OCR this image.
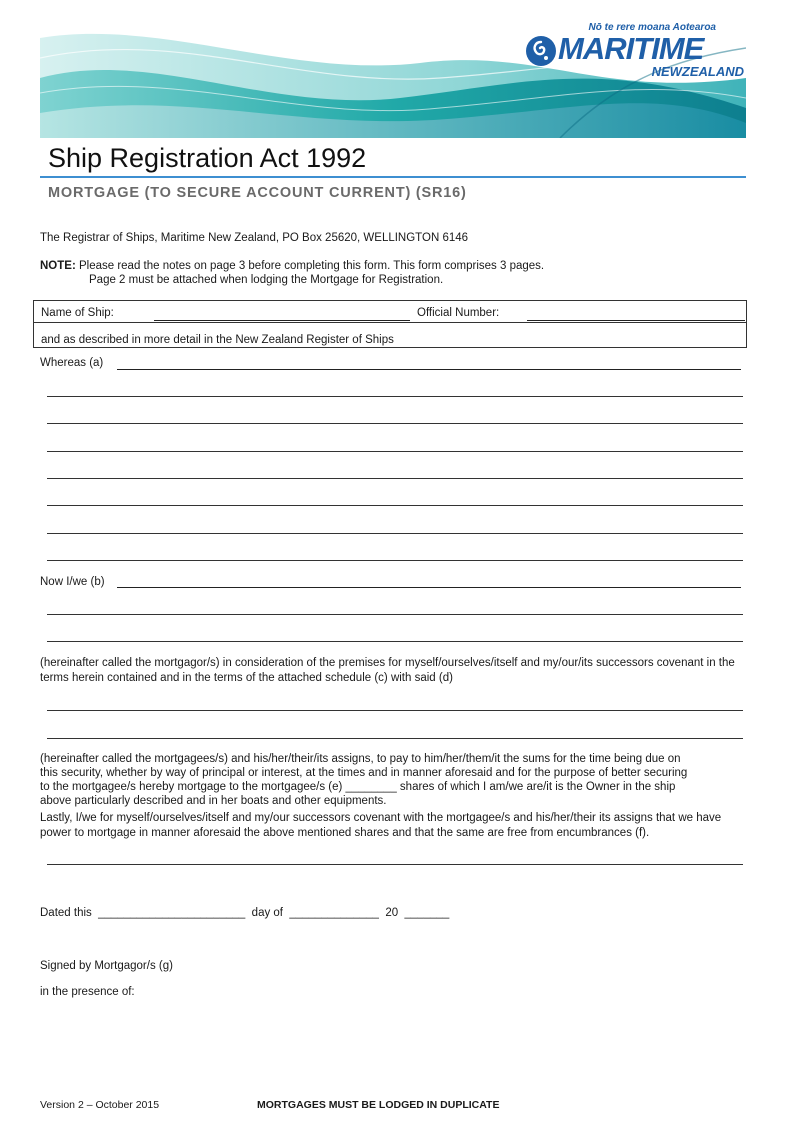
Nō te rere moana Aotearoa
MARITIME
NEWZEALAND
Ship Registration Act 1992
MORTGAGE (TO SECURE ACCOUNT CURRENT) (SR16)
The Registrar of Ships, Maritime New Zealand, PO Box 25620, WELLINGTON 6146
NOTE: Please read the notes on page 3 before completing this form. This form comprises 3 pages.
Page 2 must be attached when lodging the Mortgage for Registration.
Name of Ship:	Official Number:
and as described in more detail in the New Zealand Register of Ships
Whereas (a)
Now I/we (b)
(hereinafter called the mortgagor/s) in consideration of the premises for myself/ourselves/itself and my/our/its successors covenant in the terms herein contained and in the terms of the attached schedule (c) with said (d)
(hereinafter called the mortgagees/s) and his/her/their/its assigns, to pay to him/her/them/it the sums for the time being due on
this security, whether by way of principal or interest, at the times and in manner aforesaid and for the purpose of better securing
to the mortgagee/s hereby mortgage to the mortgagee/s (e) ________ shares of which I am/we are/it is the Owner in the ship
above particularly described and in her boats and other equipments.
Lastly, I/we for myself/ourselves/itself and my/our successors covenant with the mortgagee/s and his/her/their its assigns that we have power to mortgage in manner aforesaid the above mentioned shares and that the same are free from encumbrances (f).
Dated this _______________________ day of ______________ 20 _______
Signed by Mortgagor/s (g)
in the presence of:
Version 2 – October 2015	MORTGAGES MUST BE LODGED IN DUPLICATE
